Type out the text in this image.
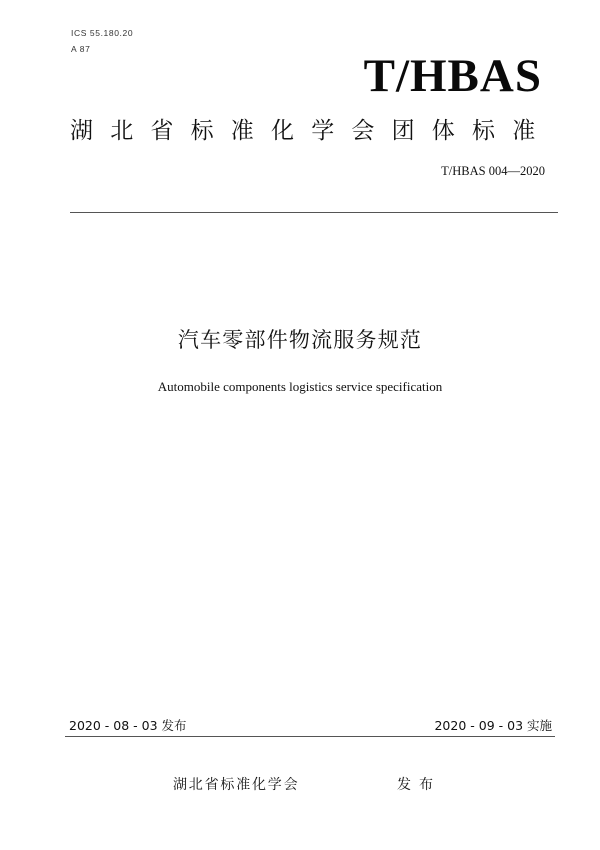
ICS 55.180.20
A 87
T/HBAS
湖北省标准化学会团体标准
T/HBAS 004—2020
汽车零部件物流服务规范
Automobile components logistics service specification
2020 - 08 - 03 发布	2020 - 09 - 03 实施
湖北省标准化学会	发布
